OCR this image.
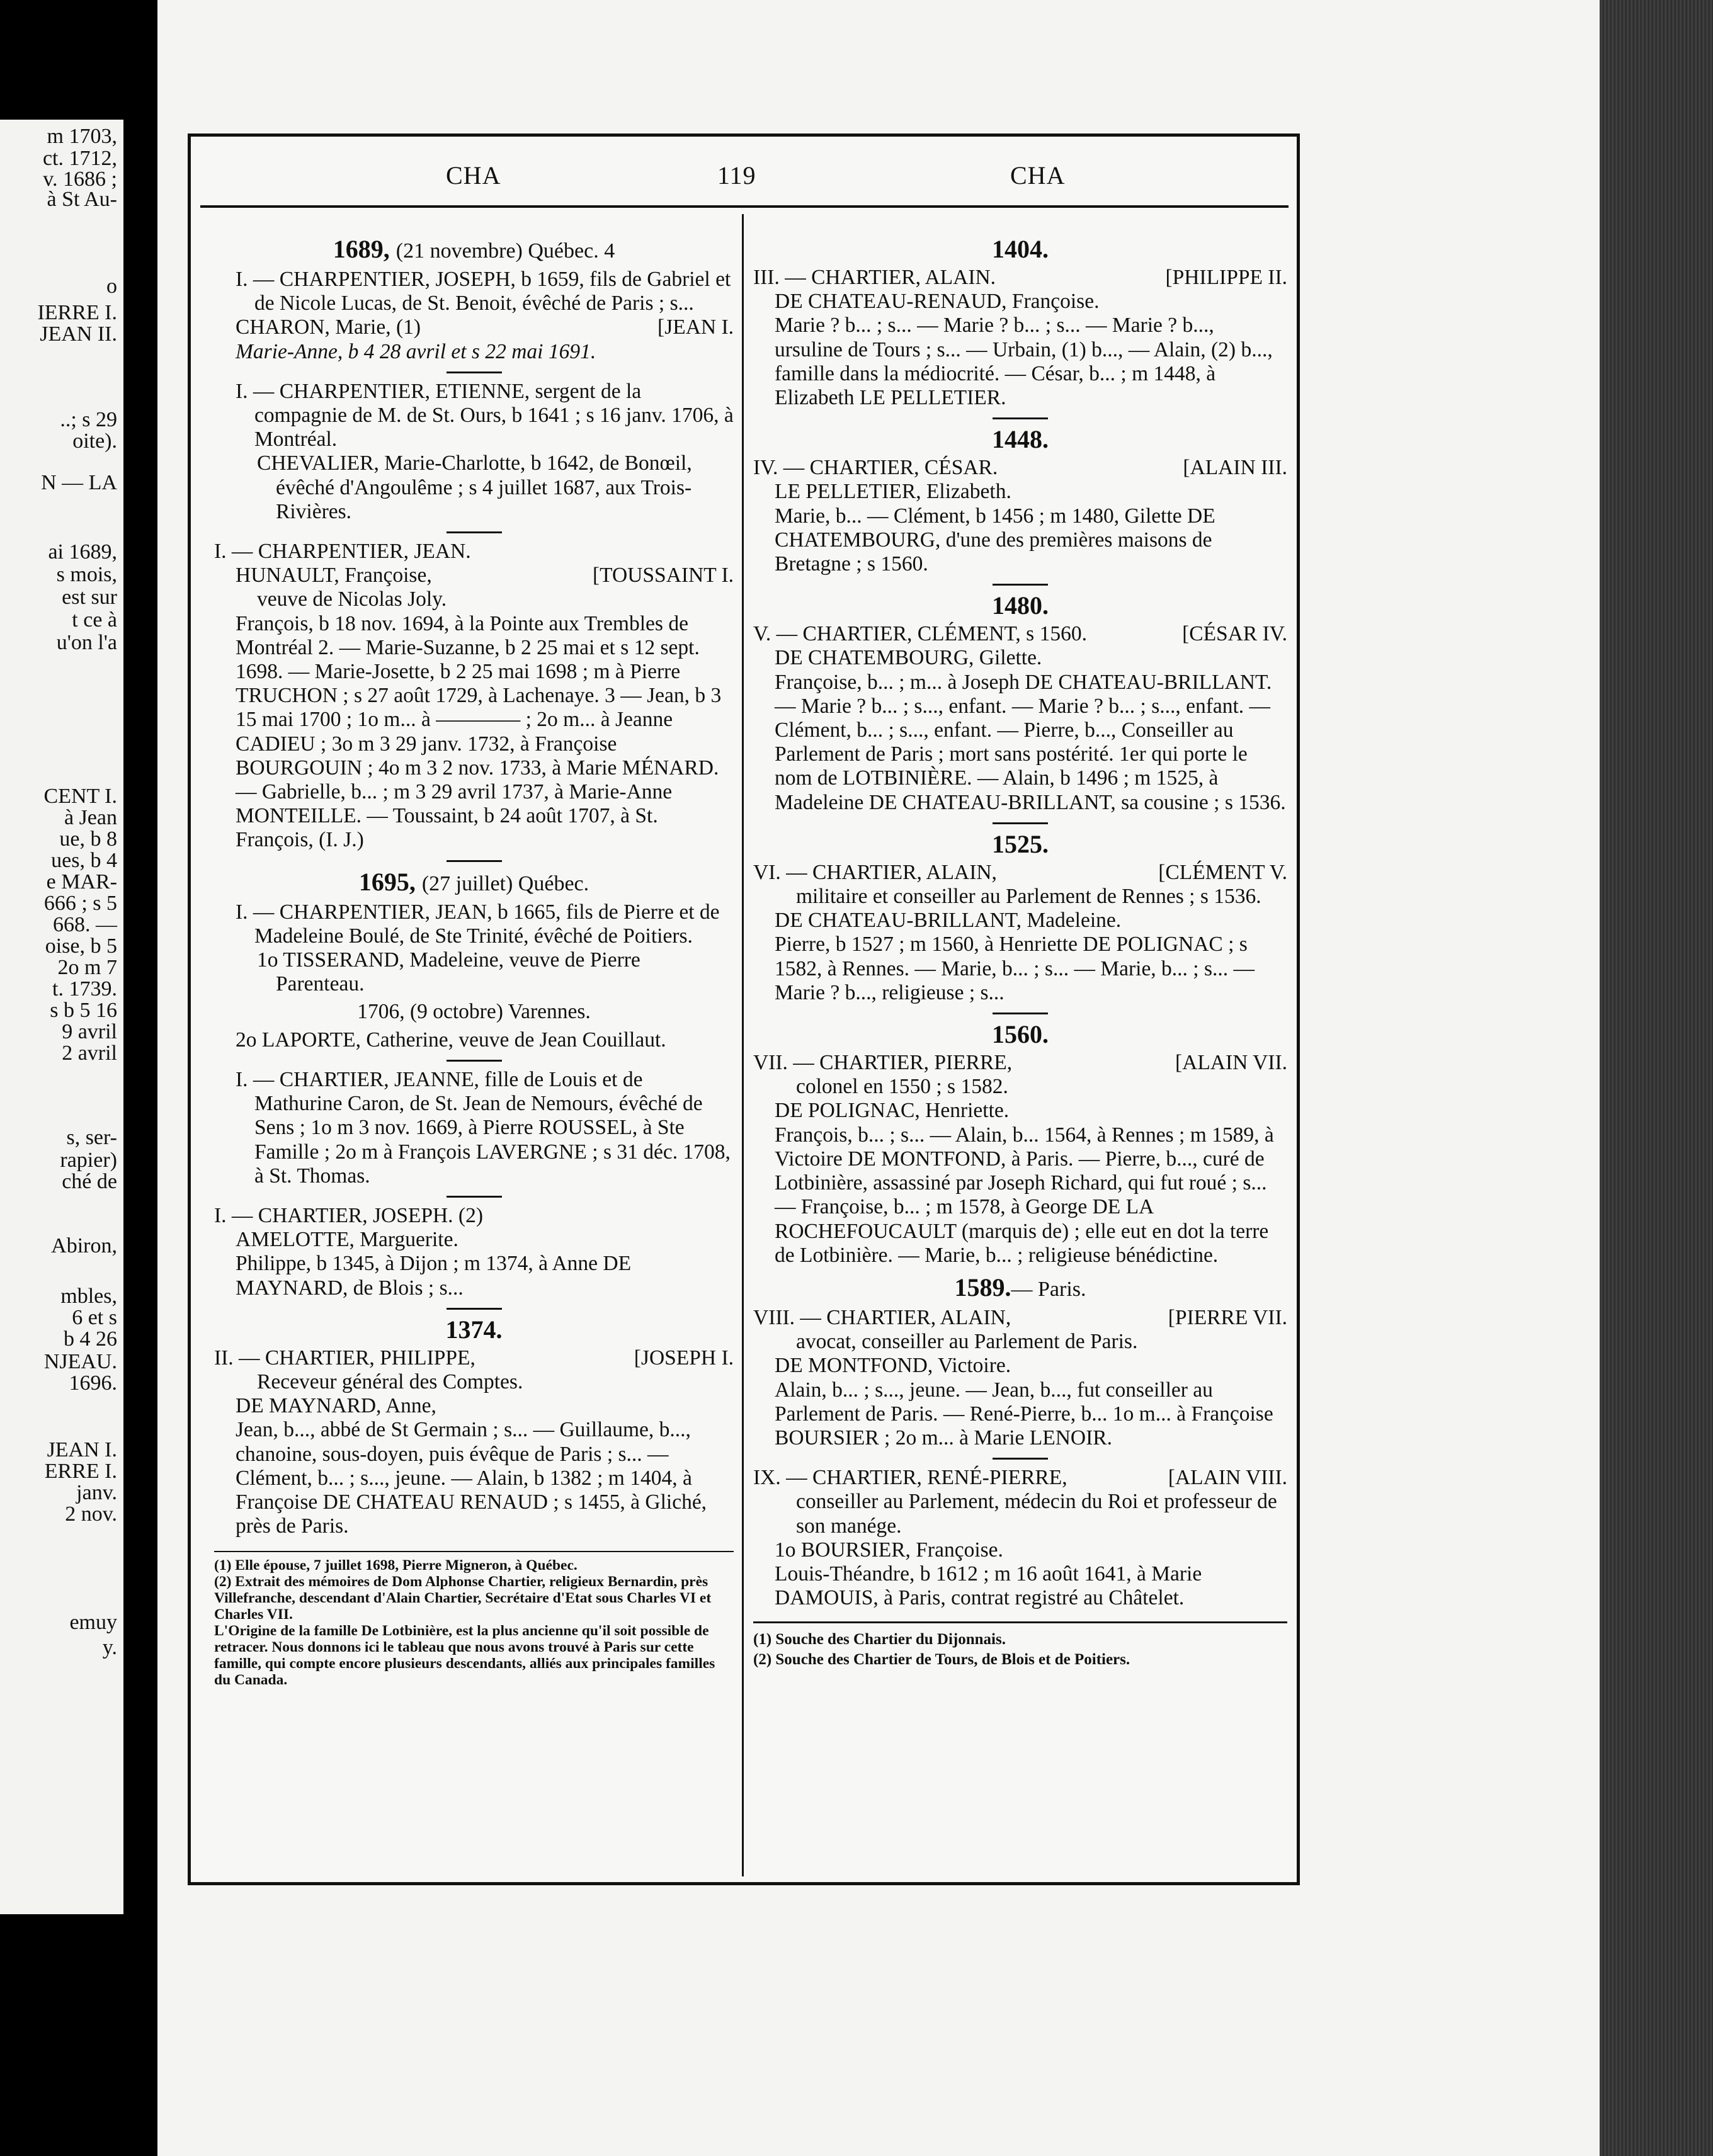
m 1703,
ct. 1712,
v. 1686 ;
à St Au-
o
IERRE I.
JEAN II.
..; s 29
oite).
N — LA
ai 1689,
s mois,
est sur
t ce à
u'on l'a
CENT I.
à Jean
ue, b 8
ues, b 4
e MAR-
666 ; s 5
668. —
oise, b 5
2o m 7
t. 1739.
s b 5 16
9 avril
2 avril
s, ser-
rapier)
ché de
Abiron,
mbles,
6 et s
b 4 26
NJEAU.
1696.
JEAN I.
ERRE I.
janv.
2 nov.
emuy
y.
CHA	119	CHA
1689, (21 novembre) Québec. 4

I. — CHARPENTIER, JOSEPH, b 1659, fils de Gabriel et de Nicole Lucas, de St. Benoit, évêché de Paris ; s...

CHARON, Marie, (1)	[JEAN I.

Marie-Anne, b 4 28 avril et s 22 mai 1691.

I. — CHARPENTIER, ETIENNE, sergent de la compagnie de M. de St. Ours, b 1641 ; s 16 janv. 1706, à Montréal.

CHEVALIER, Marie-Charlotte, b 1642, de Bonœil, évêché d'Angoulême ; s 4 juillet 1687, aux Trois-Rivières.

I. — CHARPENTIER, JEAN.

HUNAULT, Françoise,	[TOUSSAINT I.

veuve de Nicolas Joly.

François, b 18 nov. 1694, à la Pointe aux Trembles de Montréal 2. — Marie-Suzanne, b 2 25 mai et s 12 sept. 1698. — Marie-Josette, b 2 25 mai 1698 ; m à Pierre TRUCHON ; s 27 août 1729, à Lachenaye. 3 — Jean, b 3 15 mai 1700 ; 1o m... à ———— ; 2o m... à Jeanne CADIEU ; 3o m 3 29 janv. 1732, à Françoise BOURGOUIN ; 4o m 3 2 nov. 1733, à Marie MÉNARD. — Gabrielle, b... ; m 3 29 avril 1737, à Marie-Anne MONTEILLE. — Toussaint, b 24 août 1707, à St. François, (I. J.)

1695, (27 juillet) Québec.

I. — CHARPENTIER, JEAN, b 1665, fils de Pierre et de Madeleine Boulé, de Ste Trinité, évêché de Poitiers.

1o TISSERAND, Madeleine, veuve de Pierre Parenteau.

1706, (9 octobre) Varennes.

2o LAPORTE, Catherine, veuve de Jean Couillaut.

I. — CHARTIER, JEANNE, fille de Louis et de Mathurine Caron, de St. Jean de Nemours, évêché de Sens ; 1o m 3 nov. 1669, à Pierre ROUSSEL, à Ste Famille ; 2o m à François LAVERGNE ; s 31 déc. 1708, à St. Thomas.

I. — CHARTIER, JOSEPH. (2)

AMELOTTE, Marguerite.

Philippe, b 1345, à Dijon ; m 1374, à Anne DE MAYNARD, de Blois ; s...

1374.

II. — CHARTIER, PHILIPPE,	[JOSEPH I.

Receveur général des Comptes.

DE MAYNARD, Anne,

Jean, b..., abbé de St Germain ; s... — Guillaume, b..., chanoine, sous-doyen, puis évêque de Paris ; s... — Clément, b... ; s..., jeune. — Alain, b 1382 ; m 1404, à Françoise DE CHATEAU RENAUD ; s 1455, à Gliché, près de Paris.

(1) Elle épouse, 7 juillet 1698, Pierre Migneron, à Québec.

(2) Extrait des mémoires de Dom Alphonse Chartier, religieux Bernardin, près Villefranche, descendant d'Alain Chartier, Secrétaire d'Etat sous Charles VI et Charles VII.

L'Origine de la famille De Lotbinière, est la plus ancienne qu'il soit possible de retracer. Nous donnons ici le tableau que nous avons trouvé à Paris sur cette famille, qui compte encore plusieurs descendants, alliés aux principales familles du Canada.

1404.

III. — CHARTIER, ALAIN.	[PHILIPPE II.

DE CHATEAU-RENAUD, Françoise.

Marie ? b... ; s... — Marie ? b... ; s... — Marie ? b..., ursuline de Tours ; s... — Urbain, (1) b..., — Alain, (2) b..., famille dans la médiocrité. — César, b... ; m 1448, à Elizabeth LE PELLETIER.

1448.

IV. — CHARTIER, CÉSAR.	[ALAIN III.

LE PELLETIER, Elizabeth.

Marie, b... — Clément, b 1456 ; m 1480, Gilette DE CHATEMBOURG, d'une des premières maisons de Bretagne ; s 1560.

1480.

V. — CHARTIER, CLÉMENT, s 1560.	[CÉSAR IV.

DE CHATEMBOURG, Gilette.

Françoise, b... ; m... à Joseph DE CHATEAU-BRILLANT. — Marie ? b... ; s..., enfant. — Marie ? b... ; s..., enfant. — Clément, b... ; s..., enfant. — Pierre, b..., Conseiller au Parlement de Paris ; mort sans postérité. 1er qui porte le nom de LOTBINIÈRE. — Alain, b 1496 ; m 1525, à Madeleine DE CHATEAU-BRILLANT, sa cousine ; s 1536.

1525.

VI. — CHARTIER, ALAIN,	[CLÉMENT V.

militaire et conseiller au Parlement de Rennes ; s 1536.

DE CHATEAU-BRILLANT, Madeleine.

Pierre, b 1527 ; m 1560, à Henriette DE POLIGNAC ; s 1582, à Rennes. — Marie, b... ; s... — Marie, b... ; s... — Marie ? b..., religieuse ; s...

1560.

VII. — CHARTIER, PIERRE,	[ALAIN VII.

colonel en 1550 ; s 1582.

DE POLIGNAC, Henriette.

François, b... ; s... — Alain, b... 1564, à Rennes ; m 1589, à Victoire DE MONTFOND, à Paris. — Pierre, b..., curé de Lotbinière, assassiné par Joseph Richard, qui fut roué ; s... — Françoise, b... ; m 1578, à George DE LA ROCHEFOUCAULT (marquis de) ; elle eut en dot la terre de Lotbinière. — Marie, b... ; religieuse bénédictine.

1589.— Paris.

VIII. — CHARTIER, ALAIN,	[PIERRE VII.

avocat, conseiller au Parlement de Paris.

DE MONTFOND, Victoire.

Alain, b... ; s..., jeune. — Jean, b..., fut conseiller au Parlement de Paris. — René-Pierre, b... 1o m... à Françoise BOURSIER ; 2o m... à Marie LENOIR.

IX. — CHARTIER, RENÉ-PIERRE,	[ALAIN VIII.

conseiller au Parlement, médecin du Roi et professeur de son manége.

1o BOURSIER, Françoise.

Louis-Théandre, b 1612 ; m 16 août 1641, à Marie DAMOUIS, à Paris, contrat registré au Châtelet.

(1) Souche des Chartier du Dijonnais.

(2) Souche des Chartier de Tours, de Blois et de Poitiers.
